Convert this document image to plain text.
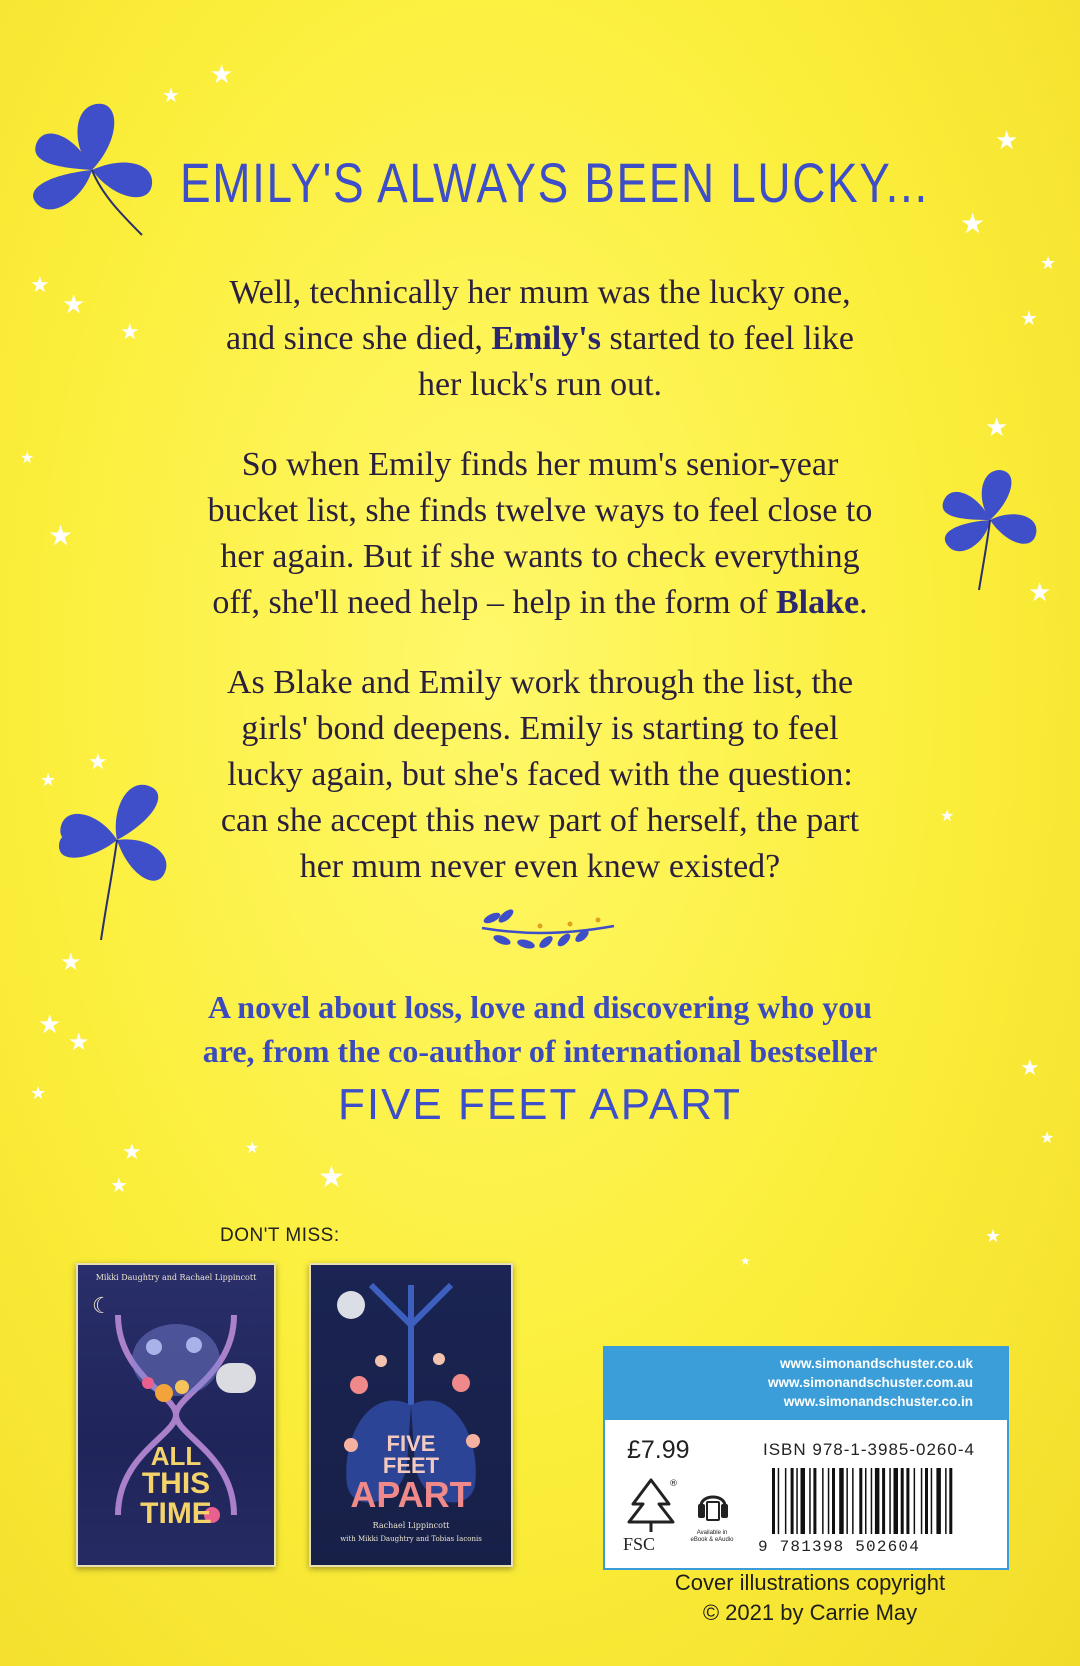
★
★
★
★
★
★
★
★
★
★
★
★
★
★
★
★
★
★
★
★
★	★
★
★
★
★
★
★
EMILY'S ALWAYS BEEN LUCKY...
Well, technically her mum was the lucky one,
and since she died, Emily's started to feel like
her luck's run out.
So when Emily finds her mum's senior-year
bucket list, she finds twelve ways to feel close to
her again. But if she wants to check everything
off, she'll need help – help in the form of Blake.
As Blake and Emily work through the list, the
girls' bond deepens. Emily is starting to feel
lucky again, but she's faced with the question:
can she accept this new part of herself, the part
her mum never even knew existed?
A novel about loss, love and discovering who you
are, from the co-author of international bestseller
FIVE FEET APART
DON'T MISS:
Mikki Daughtry and Rachael Lippincott
☾
ALL
THIS
TIME
FIVE
FEET
APART
Rachael Lippincott
with Mikki Daughtry and Tobias Iaconis
www.simonandschuster.co.uk
www.simonandschuster.com.au
www.simonandschuster.co.in
£7.99	ISBN 978-1-3985-0260-4
®
FSC
Available in eBook & eAudio 9 781398 502604
Cover illustrations copyright
© 2021 by Carrie May
